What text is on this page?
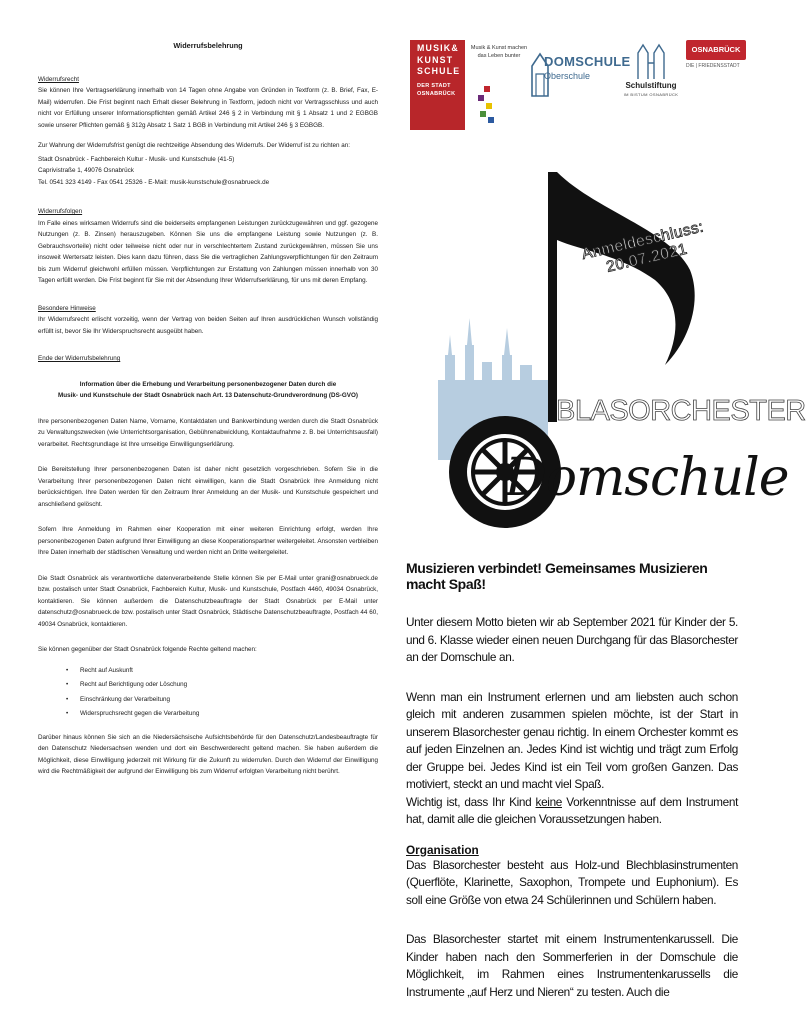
Widerrufsbelehrung

Widerrufsrecht

Sie können Ihre Vertragserklärung innerhalb von 14 Tagen ohne Angabe von Gründen in Textform (z. B. Brief, Fax, E-Mail) widerrufen. Die Frist beginnt nach Erhalt dieser Belehrung in Textform, jedoch nicht vor Vertragsschluss und auch nicht vor Erfüllung unserer Informationspflichten gemäß Artikel 246 § 2 in Verbindung mit § 1 Absatz 1 und 2 EGBGB sowie unserer Pflichten gemäß § 312g Absatz 1 Satz 1 BGB in Verbindung mit Artikel 246 § 3 EGBGB.

Zur Wahrung der Widerrufsfrist genügt die rechtzeitige Absendung des Widerrufs. Der Widerruf ist zu richten an:

Stadt Osnabrück - Fachbereich Kultur - Musik- und Kunstschule (41-5)
Caprivistraße 1, 49076 Osnabrück
Tel. 0541 323 4149 - Fax 0541 25326 - E-Mail: musik-kunstschule@osnabrueck.de

Widerrufsfolgen

Im Falle eines wirksamen Widerrufs sind die beiderseits empfangenen Leistungen zurückzugewähren und ggf. gezogene Nutzungen (z. B. Zinsen) herauszugeben. Können Sie uns die empfangene Leistung sowie Nutzungen (z. B. Gebrauchsvorteile) nicht oder teilweise nicht oder nur in verschlechtertem Zustand zurückgewähren, müssen Sie uns insoweit Wertersatz leisten. Dies kann dazu führen, dass Sie die vertraglichen Zahlungsverpflichtungen für den Zeitraum bis zum Widerruf gleichwohl erfüllen müssen. Verpflichtungen zur Erstattung von Zahlungen müssen innerhalb von 30 Tagen erfüllt werden. Die Frist beginnt für Sie mit der Absendung Ihrer Widerrufserklärung, für uns mit deren Empfang.

Besondere Hinweise

Ihr Widerrufsrecht erlischt vorzeitig, wenn der Vertrag von beiden Seiten auf Ihren ausdrücklichen Wunsch vollständig erfüllt ist, bevor Sie Ihr Widerspruchsrecht ausgeübt haben.

Ende der Widerrufsbelehrung

Information über die Erhebung und Verarbeitung personenbezogener Daten durch die
Musik- und Kunstschule der Stadt Osnabrück nach Art. 13 Datenschutz-Grundverordnung (DS-GVO)

Ihre personenbezogenen Daten Name, Vorname, Kontaktdaten und Bankverbindung werden durch die Stadt Osnabrück zu Verwaltungszwecken (wie Unterrichtsorganisation, Gebührenabwicklung, Kontaktaufnahme z. B. bei Unterrichtsausfall) verarbeitet. Rechtsgrundlage ist Ihre umseitige Einwilligungserklärung.

Die Bereitstellung Ihrer personenbezogenen Daten ist daher nicht gesetzlich vorgeschrieben. Sofern Sie in die Verarbeitung Ihrer personenbezogenen Daten nicht einwilligen, kann die Stadt Osnabrück Ihre Anmeldung nicht berücksichtigen. Ihre Daten werden für den Zeitraum Ihrer Anmeldung an der Musik- und Kunstschule gespeichert und anschließend gelöscht.

Sofern Ihre Anmeldung im Rahmen einer Kooperation mit einer weiteren Einrichtung erfolgt, werden Ihre personenbezogenen Daten aufgrund Ihrer Einwilligung an diese Kooperationspartner weitergeleitet. Ansonsten verbleiben Ihre Daten innerhalb der städtischen Verwaltung und werden nicht an Dritte weitergeleitet.

Die Stadt Osnabrück als verantwortliche datenverarbeitende Stelle können Sie per E-Mail unter grani@osnabrueck.de bzw. postalisch unter Stadt Osnabrück, Fachbereich Kultur, Musik- und Kunstschule, Postfach 4460, 49034 Osnabrück, kontaktieren. Sie können außerdem die Datenschutzbeauftragte der Stadt Osnabrück per E-Mail unter datenschutz@osnabrueck.de bzw. postalisch unter Stadt Osnabrück, Städtische Datenschutzbeauftragte, Postfach 44 60, 49034 Osnabrück, kontaktieren.

Sie können gegenüber der Stadt Osnabrück folgende Rechte geltend machen:

• Recht auf Auskunft
• Recht auf Berichtigung oder Löschung
• Einschränkung der Verarbeitung
• Widerspruchsrecht gegen die Verarbeitung

Darüber hinaus können Sie sich an die Niedersächsische Aufsichtsbehörde für den Datenschutz/Landesbeauftragte für den Datenschutz Niedersachsen wenden und dort ein Beschwerderecht geltend machen. Sie haben außerdem die Möglichkeit, diese Einwilligung jederzeit mit Wirkung für die Zukunft zu widerrufen. Durch den Widerruf der Einwilligung wird die Rechtmäßigkeit der aufgrund der Einwilligung bis zum Widerruf erfolgten Verarbeitung nicht berührt.

MUSIK&
KUNST
SCHULE
DER STADT
OSNABRÜCK
Musik & Kunst machen das Leben bunter	DOMSCHULE
Oberschule
Schulstiftung
IM BISTUM OSNABRÜCK
OSNABRÜCK
DIE | FRIEDENSSTADT
Anmeldeschluss: 20.07.2021
BLASORCHESTER
Domschule
Musizieren verbindet! Gemeinsames Musizieren macht Spaß!

Unter diesem Motto bieten wir ab September 2021 für Kinder der 5. und 6. Klasse wieder einen neuen Durchgang für das Blasorchester an der Domschule an.

Wenn man ein Instrument erlernen und am liebsten auch schon gleich mit anderen zusammen spielen möchte, ist der Start in unserem Blasorchester genau richtig. In einem Orchester kommt es auf jeden Einzelnen an. Jedes Kind ist wichtig und trägt zum Erfolg der Gruppe bei. Jedes Kind ist ein Teil vom großen Ganzen. Das motiviert, steckt an und macht viel Spaß.
Wichtig ist, dass Ihr Kind keine Vorkenntnisse auf dem Instrument hat, damit alle die gleichen Voraussetzungen haben.

Organisation

Das Blasorchester besteht aus Holz-und Blechblasinstrumenten (Querflöte, Klarinette, Saxophon, Trompete und Euphonium). Es soll eine Größe von etwa 24 Schülerinnen und Schülern haben.

Das Blasorchester startet mit einem Instrumentenkarussell. Die Kinder haben nach den Sommerferien in der Domschule die Möglichkeit, im Rahmen eines Instrumentenkarussells die Instrumente „auf Herz und Nieren“ zu testen. Auch die
